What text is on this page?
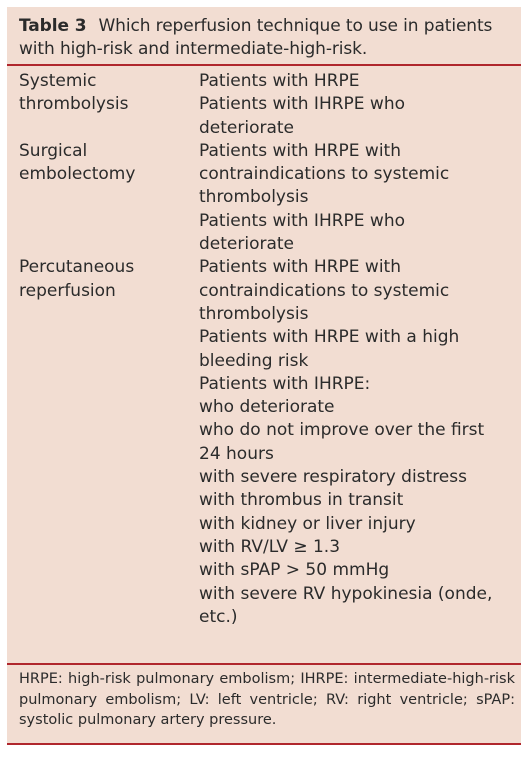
Table 3 Which reperfusion technique to use in patients with high-risk and intermediate-high-risk.
Systemic
thrombolysis
Patients with HRPE
Patients with IHRPE who
deteriorate
Surgical
embolectomy
Patients with HRPE with
contraindications to systemic
thrombolysis
Patients with IHRPE who
deteriorate
Percutaneous
reperfusion
Patients with HRPE with
contraindications to systemic
thrombolysis
Patients with HRPE with a high
bleeding risk
Patients with IHRPE:
who deteriorate
who do not improve over the first
24 hours
with severe respiratory distress
with thrombus in transit
with kidney or liver injury
with RV/LV ≥ 1.3
with sPAP > 50 mmHg
with severe RV hypokinesia (onde,
etc.)
HRPE: high-risk pulmonary embolism; IHRPE: intermediate-high-risk pulmonary embolism; LV: left ventricle; RV: right ventricle; sPAP: systolic pulmonary artery pressure.
